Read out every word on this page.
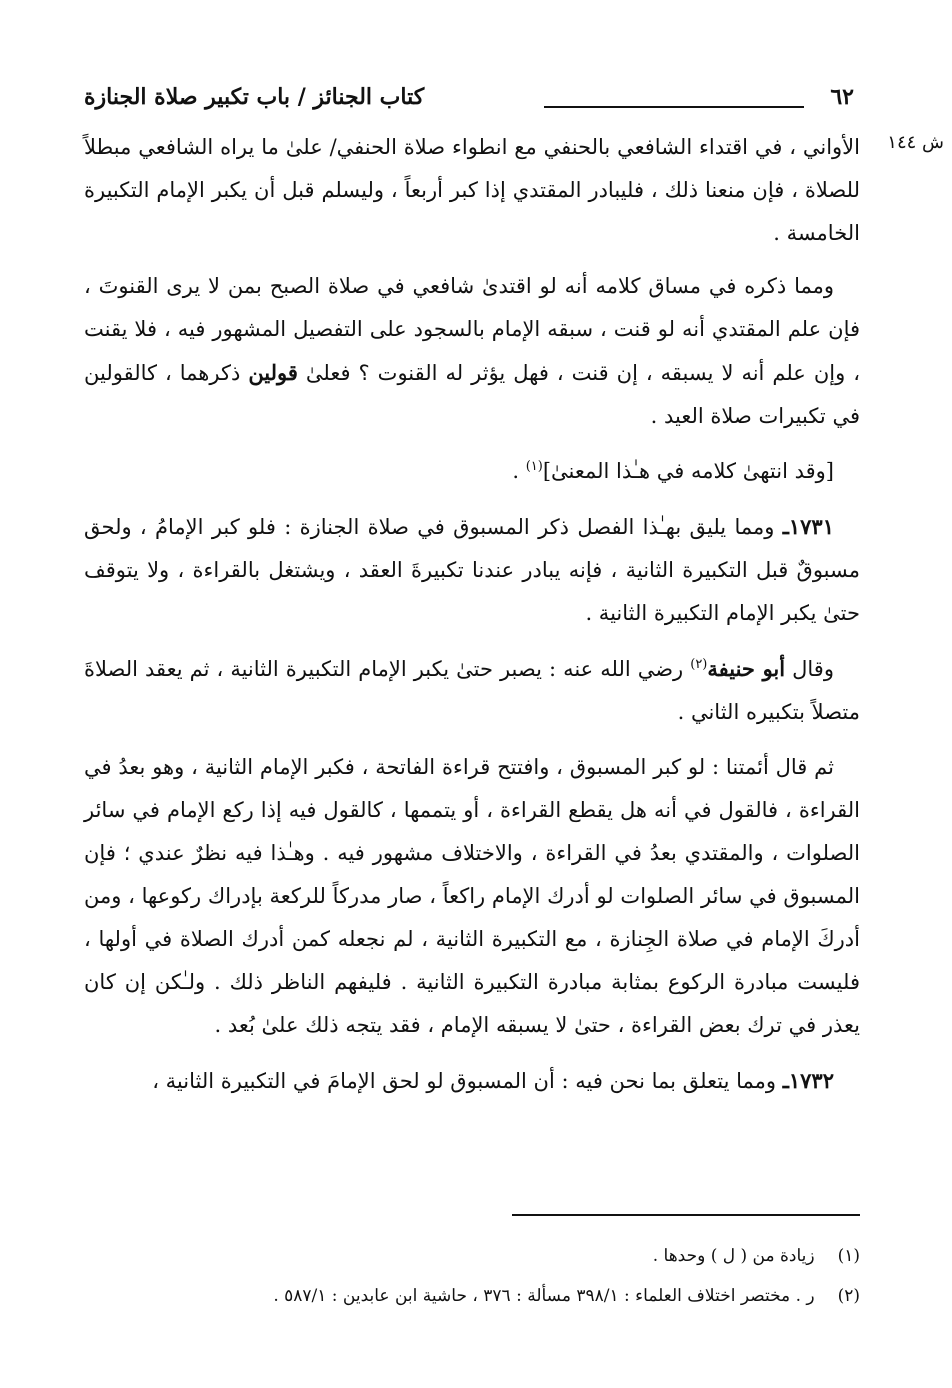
٦٢
كتاب الجنائز / باب تكبير صلاة الجنازة
ش ١٤٤

الأواني ، في اقتداء الشافعي بالحنفي مع انطواء صلاة الحنفي/ علىٰ ما يراه الشافعي مبطلاً للصلاة ، فإن منعنا ذلك ، فليبادر المقتدي إذا كبر أربعاً ، وليسلم قبل أن يكبر الإمام التكبيرة الخامسة .

ومما ذكره في مساق كلامه أنه لو اقتدىٰ شافعي في صلاة الصبح بمن لا يرى القنوتَ ، فإن علم المقتدي أنه لو قنت ، سبقه الإمام بالسجود على التفصيل المشهور فيه ، فلا يقنت ، وإن علم أنه لا يسبقه ، إن قنت ، فهل يؤثر له القنوت ؟ فعلىٰ قولين ذكرهما ، كالقولين في تكبيرات صلاة العيد .

[وقد انتهىٰ كلامه في هـٰذا المعنىٰ]$^{(١)}$ .

١٧٣١ـ ومما يليق بهـٰذا الفصل ذكر المسبوق في صلاة الجنازة : فلو كبر الإمامُ ، ولحق مسبوقٌ قبل التكبيرة الثانية ، فإنه يبادر عندنا تكبيرةَ العقد ، ويشتغل بالقراءة ، ولا يتوقف حتىٰ يكبر الإمام التكبيرة الثانية .

وقال أبو حنيفة$^{(٢)}$ رضي الله عنه : يصبر حتىٰ يكبر الإمام التكبيرة الثانية ، ثم يعقد الصلاةَ متصلاً بتكبيره الثاني .

ثم قال أئمتنا : لو كبر المسبوق ، وافتتح قراءة الفاتحة ، فكبر الإمام الثانية ، وهو بعدُ في القراءة ، فالقول في أنه هل يقطع القراءة ، أو يتممها ، كالقول فيه إذا ركع الإمام في سائر الصلوات ، والمقتدي بعدُ في القراءة ، والاختلاف مشهور فيه . وهـٰذا فيه نظرٌ عندي ؛ فإن المسبوق في سائر الصلوات لو أدرك الإمام راكعاً ، صار مدركاً للركعة بإدراك ركوعها ، ومن أدركَ الإمام في صلاة الجِنازة ، مع التكبيرة الثانية ، لم نجعله كمن أدرك الصلاة في أولها ، فليست مبادرة الركوع بمثابة مبادرة التكبيرة الثانية . فليفهم الناظر ذلك . ولـٰكن إن كان يعذر في ترك بعض القراءة ، حتىٰ لا يسبقه الإمام ، فقد يتجه ذلك علىٰ بُعد .

١٧٣٢ـ ومما يتعلق بما نحن فيه : أن المسبوق لو لحق الإمامَ في التكبيرة الثانية ،

(١) زيادة من ( ل ) وحدها .
(٢) ر . مختصر اختلاف العلماء : ٣٩٨/١ مسألة : ٣٧٦ ، حاشية ابن عابدين : ٥٨٧/١ .
